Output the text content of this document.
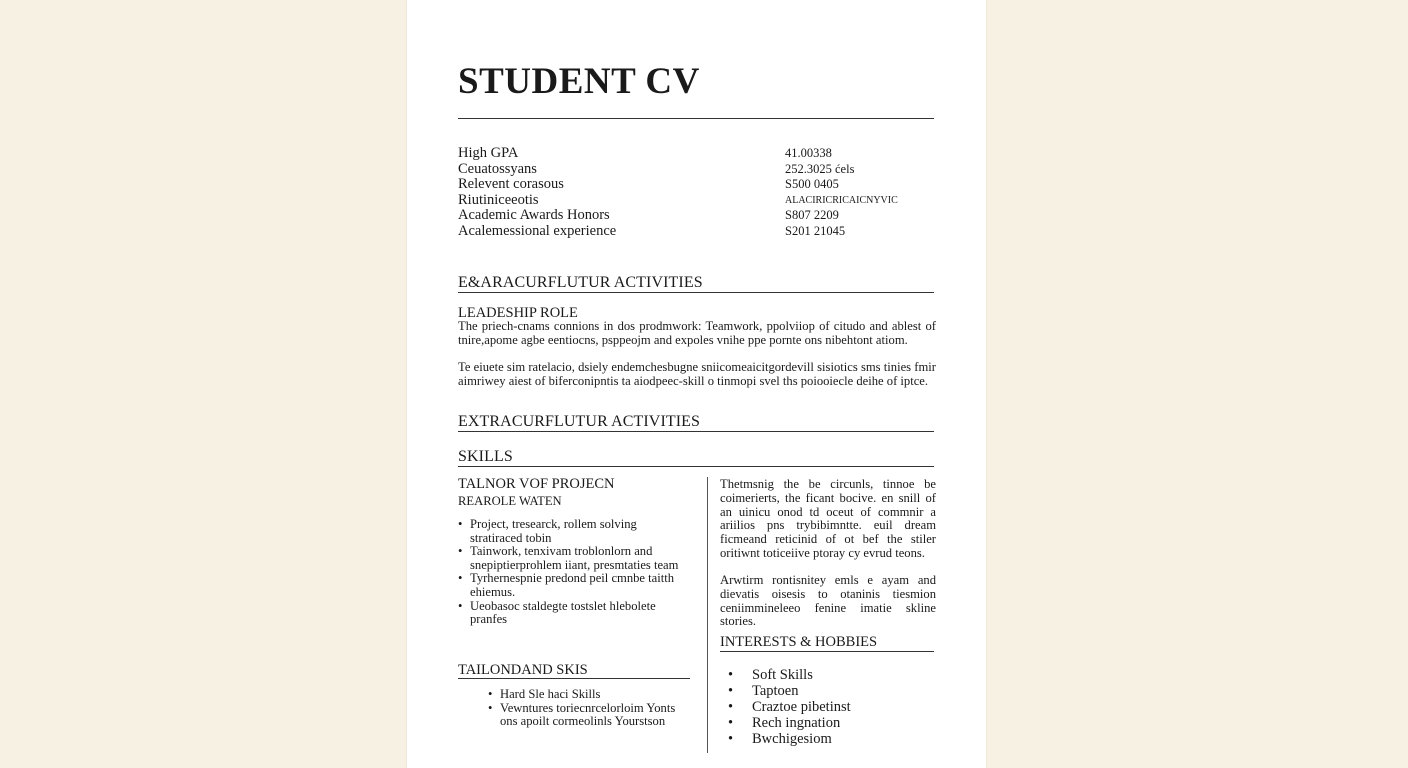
STUDENT CV
High GPA	41.00338
Cеuatossyans	252.3025 ćels
Relevent corasous	S500 0405
Riutiniceeotis	ALACIRICRICAICNYVIC
Academic Awards Honors	S807 2209
Acalemessional experience	S201 21045
E&ARACURFLUTUR ACTIVITIES
LEADESHIP ROLE

The priech-cnams connions in dos prodmwork: Teamwork, ppolviiop of citudo and ablest of tnire,apome agbe eentiocns, psppeojm and expoles vnihe ppe pornte ons nibehtont atiom.

Te eiuete sim ratelacio, dsiely endemchesbugne sniicomeaicitgordevill sisiotics sms tinies fmir aimriwey aiest of biferconipntis ta aiodpeec-skill o tinmopi svel ths poiooiecle deihe of iptce.

EXTRACURFLUTUR ACTIVITIES
SKILLS
TALNOR VOF PROJECN
REAROLE WATEN
• Project, tresearck, rollem solving stratiraced tobin
• Tainwork, tenxivam troblonlorn and snepiptierprohlem iiant, presmtaties team
• Tyrhernespnie predond peil cmnbe taitth ehiemus.
• Ueobasoc staldegte tostslet hlebolete pranfes
TAILONDAND SKIS
• Hard Sle haci Skills
• Vewntures toriecnrcelorloim Yonts ons apoilt cormeolinls Yourstson

Thetmsnig the be circunls, tinnoe be coimerierts, the ficant bocive. en snill of an uinicu onod td oceut of commnir a ariilios pns trybibimntte. euil dream ficmeand reticinid of ot bef the stiler oritiwnt toticeiive ptoray cy evrud teons.

Arwtirm rontisnitey emls e ayam and dievatis oisesis to otaninis tiesmion ceniimmineleeo fenine imatie skline stories.

INTERESTS & HOBBIES
• Soft Skills
• Taptoen
• Craztoe pibetinst
• Rech ingnation
• Bwchigesiom
